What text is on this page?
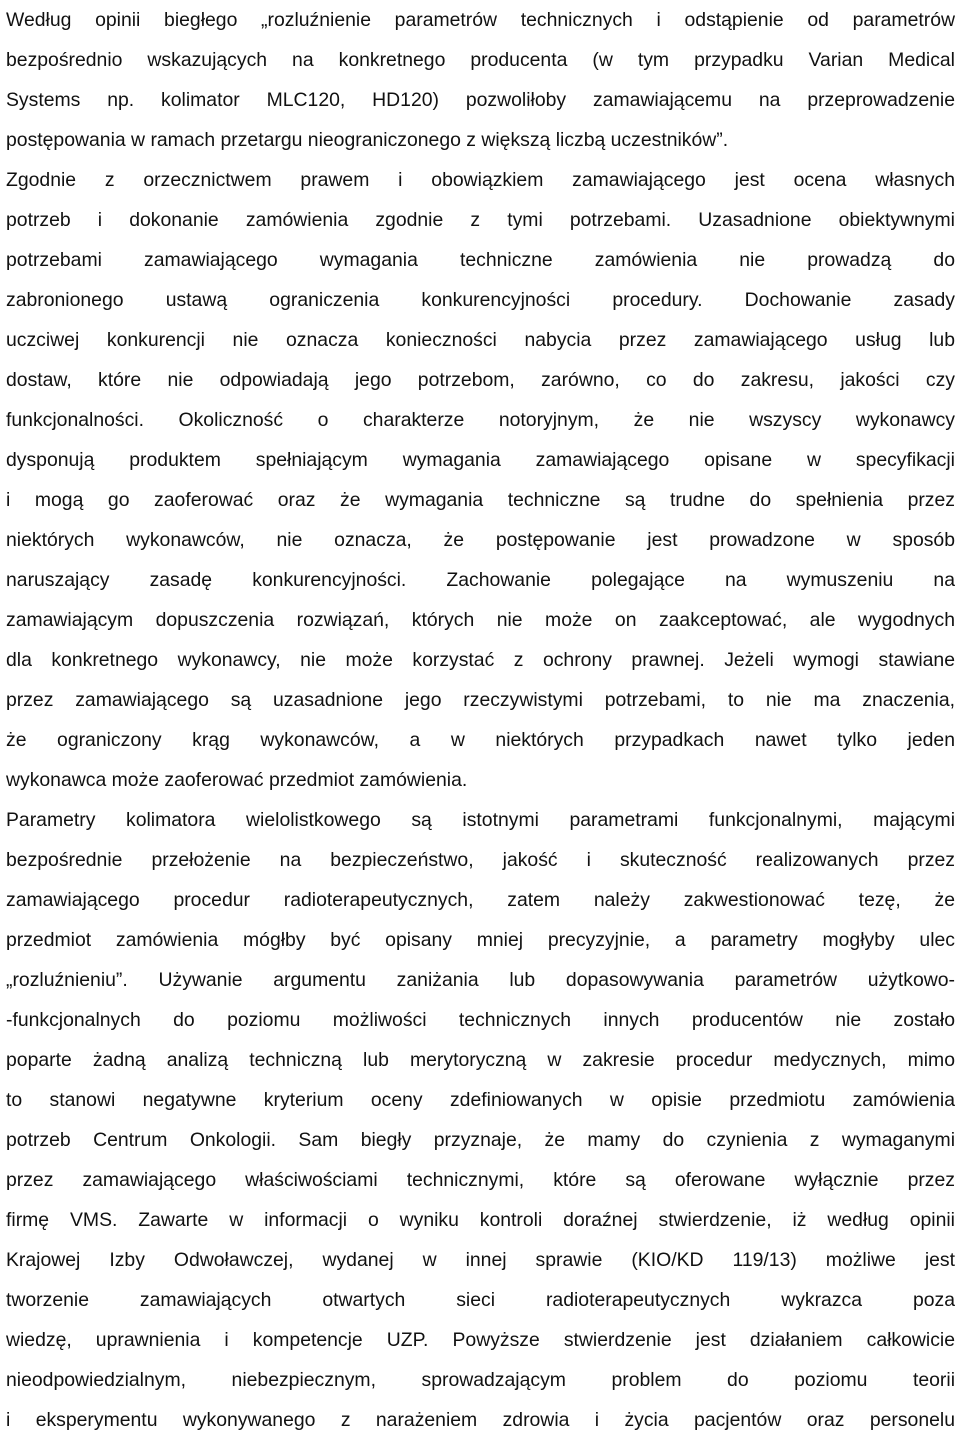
Według opinii biegłego „rozluźnienie parametrów technicznych i odstąpienie od parametrów
bezpośrednio wskazujących na konkretnego producenta (w tym przypadku Varian Medical
Systems np. kolimator MLC120, HD120) pozwoliłoby zamawiającemu na przeprowadzenie
postępowania w ramach przetargu nieograniczonego z większą liczbą uczestników”.
Zgodnie z orzecznictwem prawem i obowiązkiem zamawiającego jest ocena własnych
potrzeb i dokonanie zamówienia zgodnie z tymi potrzebami. Uzasadnione obiektywnymi
potrzebami zamawiającego wymagania techniczne zamówienia nie prowadzą do
zabronionego ustawą ograniczenia konkurencyjności procedury. Dochowanie zasady
uczciwej konkurencji nie oznacza konieczności nabycia przez zamawiającego usług lub
dostaw, które nie odpowiadają jego potrzebom, zarówno, co do zakresu, jakości czy
funkcjonalności. Okoliczność o charakterze notoryjnym, że nie wszyscy wykonawcy
dysponują produktem spełniającym wymagania zamawiającego opisane w specyfikacji
i mogą go zaoferować oraz że wymagania techniczne są trudne do spełnienia przez
niektórych wykonawców, nie oznacza, że postępowanie jest prowadzone w sposób
naruszający zasadę konkurencyjności. Zachowanie polegające na wymuszeniu na
zamawiającym dopuszczenia rozwiązań, których nie może on zaakceptować, ale wygodnych
dla konkretnego wykonawcy, nie może korzystać z ochrony prawnej. Jeżeli wymogi stawiane
przez zamawiającego są uzasadnione jego rzeczywistymi potrzebami, to nie ma znaczenia,
że ograniczony krąg wykonawców, a w niektórych przypadkach nawet tylko jeden
wykonawca może zaoferować przedmiot zamówienia.
Parametry kolimatora wielolistkowego są istotnymi parametrami funkcjonalnymi, mającymi
bezpośrednie przełożenie na bezpieczeństwo, jakość i skuteczność realizowanych przez
zamawiającego procedur radioterapeutycznych, zatem należy zakwestionować tezę, że
przedmiot zamówienia mógłby być opisany mniej precyzyjnie, a parametry mogłyby ulec
„rozluźnieniu”. Używanie argumentu zaniżania lub dopasowywania parametrów użytkowo-
-funkcjonalnych do poziomu możliwości technicznych innych producentów nie zostało
poparte żadną analizą techniczną lub merytoryczną w zakresie procedur medycznych, mimo
to stanowi negatywne kryterium oceny zdefiniowanych w opisie przedmiotu zamówienia
potrzeb Centrum Onkologii. Sam biegły przyznaje, że mamy do czynienia z wymaganymi
przez zamawiającego właściwościami technicznymi, które są oferowane wyłącznie przez
firmę VMS. Zawarte w informacji o wyniku kontroli doraźnej stwierdzenie, iż według opinii
Krajowej Izby Odwoławczej, wydanej w innej sprawie (KIO/KD 119/13) możliwe jest
tworzenie zamawiających otwartych sieci radioterapeutycznych wykrazca poza
wiedzę, uprawnienia i kompetencje UZP. Powyższe stwierdzenie jest działaniem całkowicie
nieodpowiedzialnym, niebezpiecznym, sprowadzającym problem do poziomu teorii
i eksperymentu wykonywanego z narażeniem zdrowia i życia pacjentów oraz personelu
